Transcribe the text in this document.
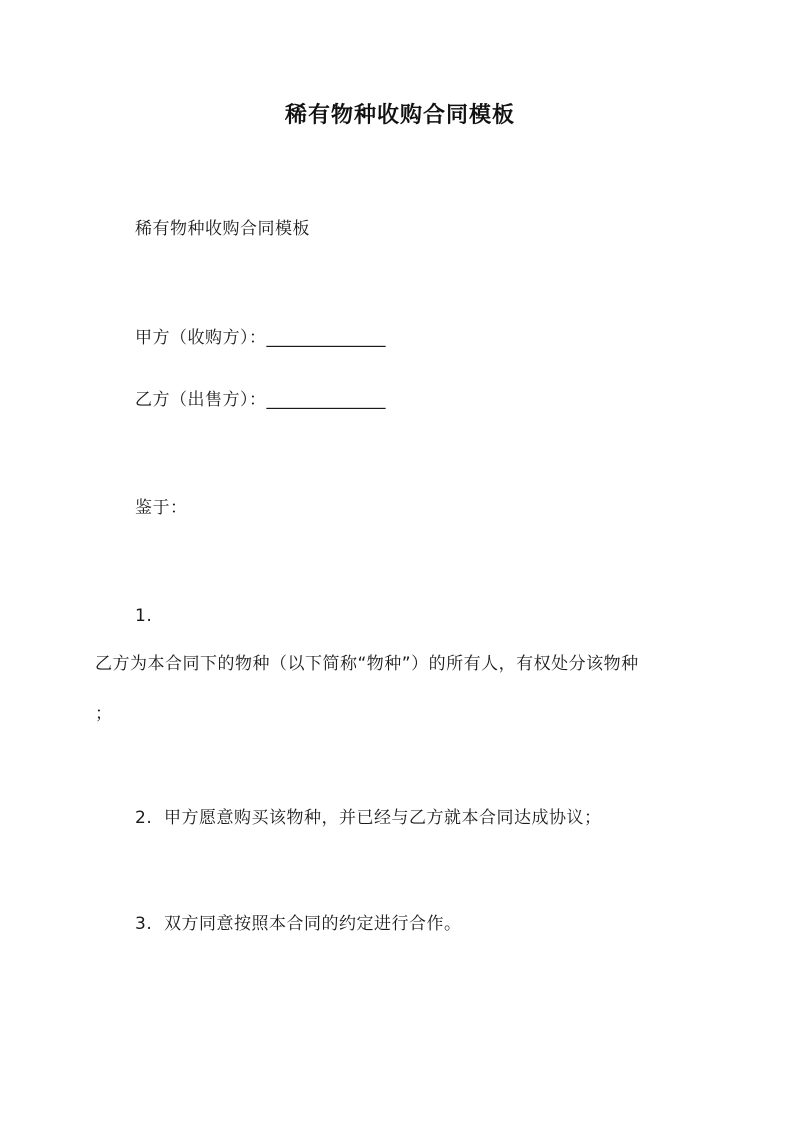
稀有物种收购合同模板
稀有物种收购合同模板
甲方（收购方）：______________
乙方（出售方）：______________
鉴于：
1.
乙方为本合同下的物种（以下简称“物种”）的所有人，有权处分该物种
；
2. 甲方愿意购买该物种，并已经与乙方就本合同达成协议；
3. 双方同意按照本合同的约定进行合作。
